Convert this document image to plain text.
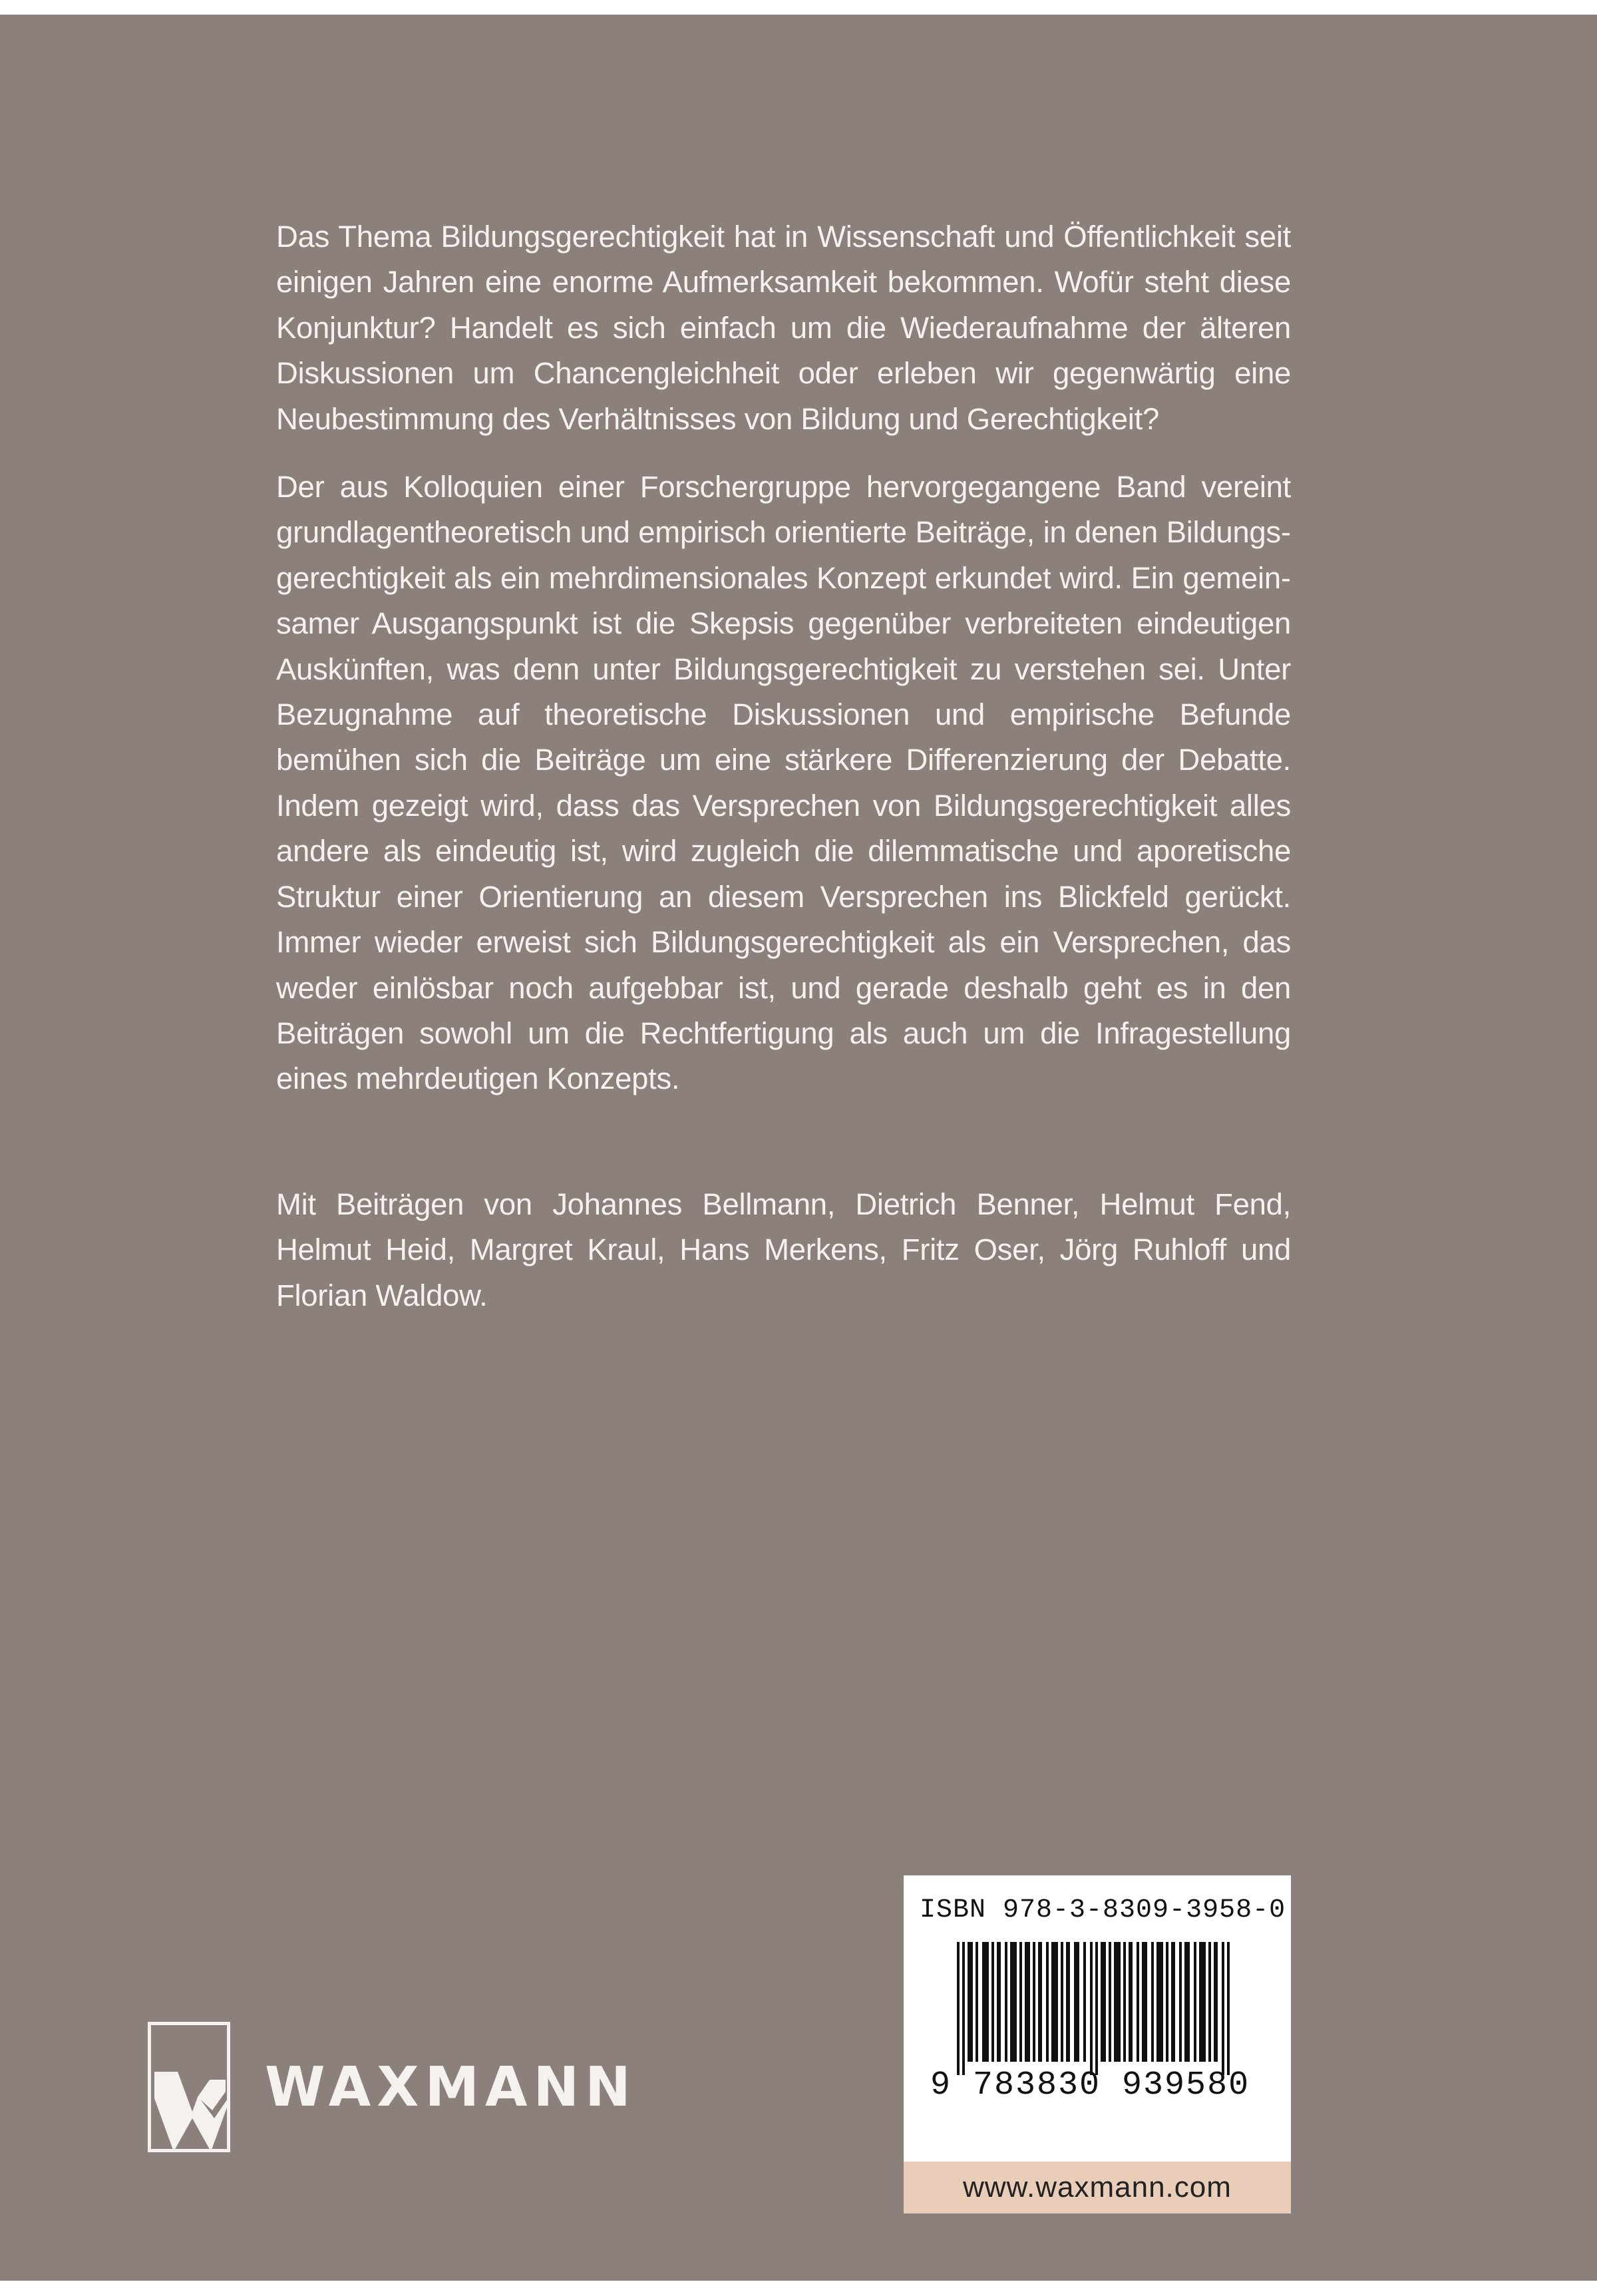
Das Thema Bildungsgerechtigkeit hat in Wissenschaft und Öffentlichkeit seit einigen Jahren eine enorme Aufmerksamkeit bekommen. Wofür steht diese Konjunktur? Handelt es sich einfach um die Wiederaufnahme der älteren Diskussionen um Chancengleichheit oder erleben wir gegenwärtig eine Neubestimmung des Verhältnisses von Bildung und Gerechtigkeit?

Der aus Kolloquien einer Forschergruppe hervorgegangene Band vereint grundlagentheoretisch und empirisch orientierte Beiträge, in denen Bildungsgerechtigkeit als ein mehrdimensionales Konzept erkundet wird. Ein gemeinsamer Ausgangspunkt ist die Skepsis gegenüber verbreiteten eindeutigen Auskünften, was denn unter Bildungsgerechtigkeit zu verstehen sei. Unter Bezugnahme auf theoretische Diskussionen und empirische Befunde bemühen sich die Beiträge um eine stärkere Differenzierung der Debatte. Indem gezeigt wird, dass das Versprechen von Bildungsgerechtigkeit alles andere als eindeutig ist, wird zugleich die dilemmatische und aporetische Struktur einer Orientierung an diesem Versprechen ins Blickfeld gerückt. Immer wieder erweist sich Bildungsgerechtigkeit als ein Versprechen, das weder einlösbar noch aufgebbar ist, und gerade deshalb geht es in den Beiträgen sowohl um die Rechtfertigung als auch um die Infragestellung eines mehrdeutigen Konzepts.

Mit Beiträgen von Johannes Bellmann, Dietrich Benner, Helmut Fend, Helmut Heid, Margret Kraul, Hans Merkens, Fritz Oser, Jörg Ruhloff und Florian Waldow.

WAXMANN
ISBN 978-3-8309-3958-0
9 783830 939580
www.waxmann.com
